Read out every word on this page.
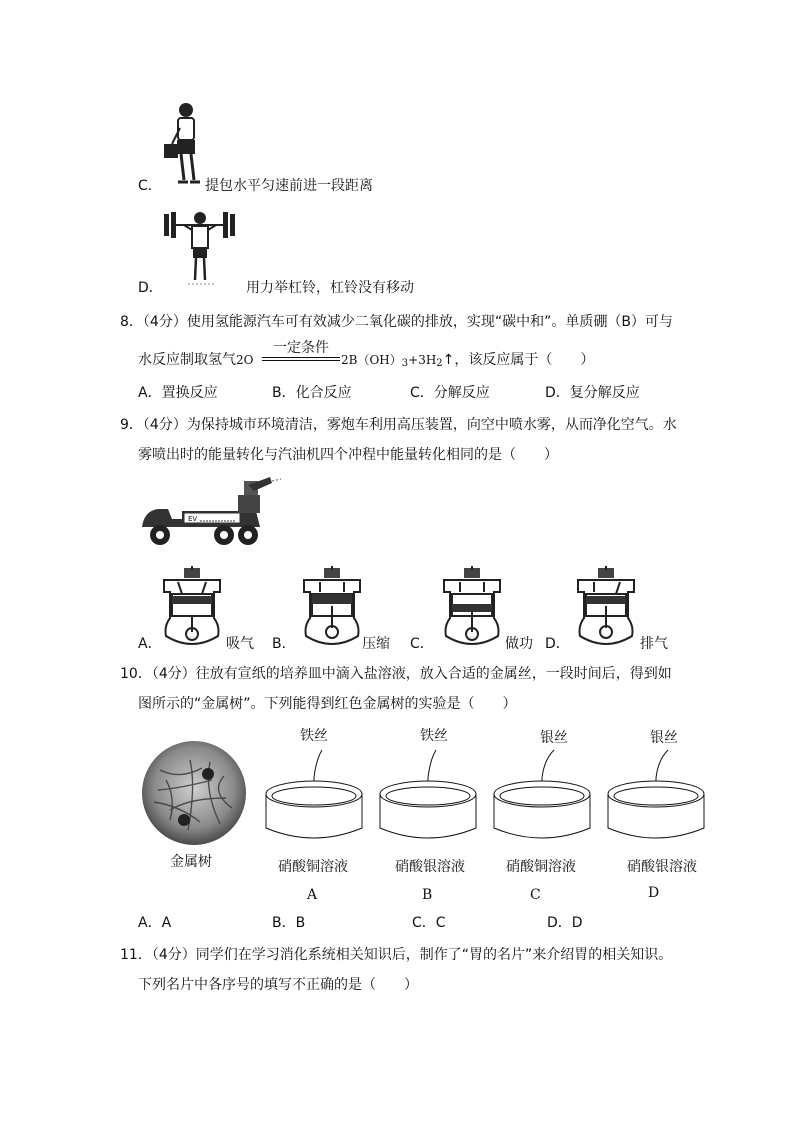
C．	提包水平匀速前进一段距离
D．	用力举杠铃，杠铃没有移动
8．（4分）使用氢能源汽车可有效减少二氧化碳的排放，实现“碳中和”。单质硼（B）可与
水反应制取氢气2O
一定条件
$2B(OH)_3+3H_2↑$，该反应属于（　　）
A．置换反应	B．化合反应	C．分解反应	D．复分解反应
9．（4分）为保持城市环境清洁，雾炮车利用高压装置，向空中喷水雾，从而净化空气。水
雾喷出时的能量转化与汽油机四个冲程中能量转化相同的是（　　）
EV
A．	吸气 B．	压缩 C．	做功 D．	排气
10．（4分）往放有宣纸的培养皿中滴入盐溶液，放入合适的金属丝，一段时间后，得到如
图所示的“金属树”。下列能得到红色金属树的实验是（　　）
金属树
铁丝
硝酸铜溶液
A
铁丝
硝酸银溶液
B
银丝
硝酸铜溶液
C
银丝
硝酸银溶液
D
A．A	B．B	C．C	D．D
11．（4分）同学们在学习消化系统相关知识后，制作了“胃的名片”来介绍胃的相关知识。
下列名片中各序号的填写不正确的是（　　）
